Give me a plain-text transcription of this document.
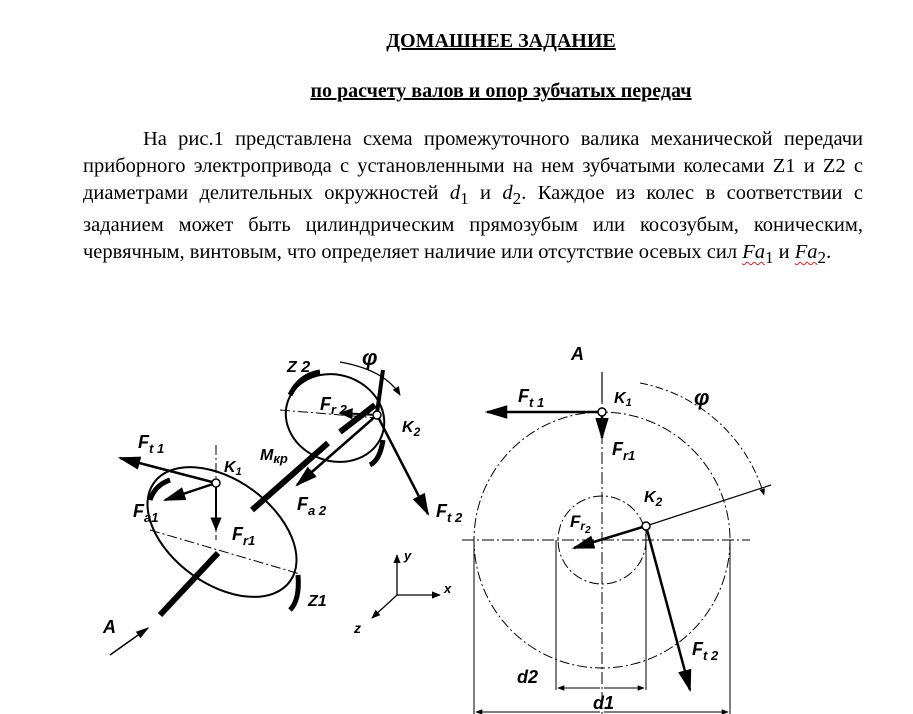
ДОМАШНЕЕ ЗАДАНИЕ
по расчету валов и опор зубчатых передач
На рис.1 представлена схема промежуточного валика механической передачи приборного электропривода с установленными на нем зубчатыми колесами Z1 и Z2 с диаметрами делительных окружностей $d_1$ и $d_2$. Каждое из колес в соответствии с заданием может быть цилиндрическим прямозубым или косозубым, коническим, червячным, винтовым, что определяет наличие или отсутствие осевых сил $Fa_1$ и $Fa_2$.
Z 2 φ
$F_{r 2}$
$K_2$
$F_{t 1}$	Mкр
K1
$F_{a1}$
$F_{a 2}$	$F_{t 2}$
$F_{r1}$
Z1
A
y
x
z
A
$F_{t 1}$	K1	φ
$F_{r1}$
$K_2$
Fr2
$F_{t 2}$
d2
d1
